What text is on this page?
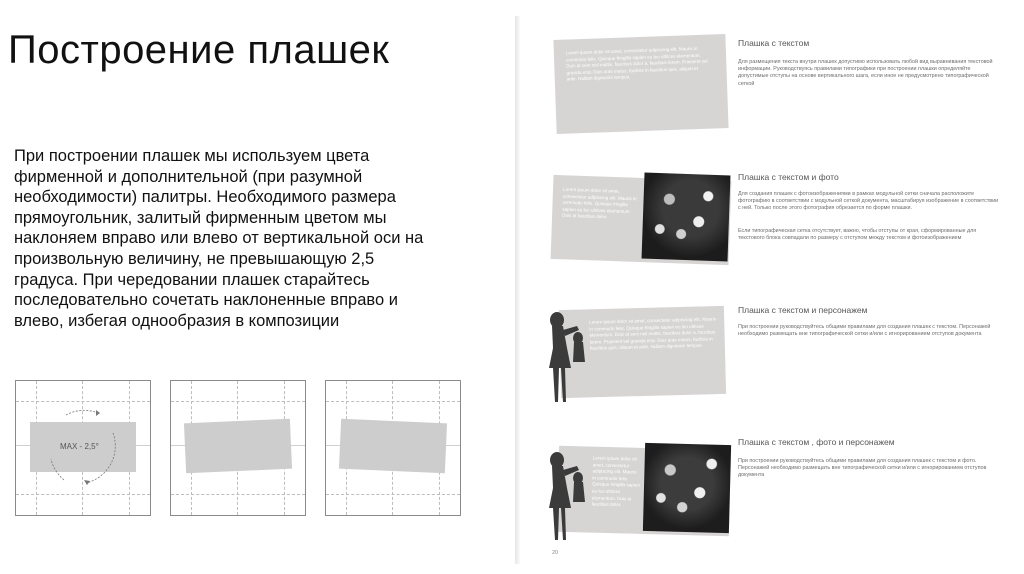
Построение плашек
При построении плашек мы используем цвета фирменной и дополнительной (при разумной необходимости) палитры. Необходимого размера прямоугольник, залитый фирменным цветом мы наклоняем вправо или влево от вертикальной оси на произвольную величину, не превышающую 2,5 градуса. При чередовании плашек старайтесь последовательно сочетать наклоненные вправо и влево, избегая однообразия в композиции
MAX - 2,5°
Lorem ipsum dolor sit amet, consectetur adipiscing elit. Mauris in commodo felis. Quisque fringilla sapien eu leo ultrices elementum. Duis at sem nisl mattis, faucibus dolor a, faucibus lorem. Praesent vel gravida erat. Duis ante metus, facilisis in faucibus quis, aliquet et ante. Nullam dignissim tempus.
Плашка с текстом
Для размещения текста внутри плашек допустимо использовать любой вид выравнивания текстовой информации. Руководствуясь правилами типографики при построении плашки определяйте допустимые отступы на основе вертикального шага, если иное не предусмотрено типографической сеткой
Lorem ipsum dolor sit amet, consectetur adipiscing elit. Mauris in commodo felis. Quisque fringilla sapien eu leo ultrices elementum. Duis at faucibus dolor.
Плашка с текстом и фото
Для создания плашек с фотоизображениями в рамках модульной сетки сначала расположите фотографию в соответствии с модульной сеткой документа, масштабируя изображение в соответствии с ней. Только после этого фотография обрезается по форме плашки.
Если типографическая сетка отсутствует, важно, чтобы отступы от края, сформированные для текстового блока совпадали по размеру с отступом между текстом и фотоизображением
Lorem ipsum dolor sit amet, consectetur adipiscing elit. Mauris in commodo felis. Quisque fringilla sapien eu leo ultrices elementum. Duis at sem nisl mattis, faucibus dolor a, faucibus lorem. Praesent vel gravida erat. Duis ante metus, facilisis in faucibus quis, aliquet et ante. Nullam dignissim tempus.
Плашка с текстом и персонажем
При построении руководствуйтесь общими правилами для создания плашек с текстом. Персонажей необходимо размещать вне типографической сетки и/или с игнорированием отступов документа
Lorem ipsum dolor sit amet, consectetur adipiscing elit. Mauris in commodo felis. Quisque fringilla sapien eu leo ultrices elementum. Duis at faucibus dolor.
Плашка с текстом , фото и персонажем
При построении руководствуйтесь общими правилами для создания плашек с текстом и фото. Персонажей необходимо размещать вне типографической сетки и/или с игнорированием отступов документа
20
